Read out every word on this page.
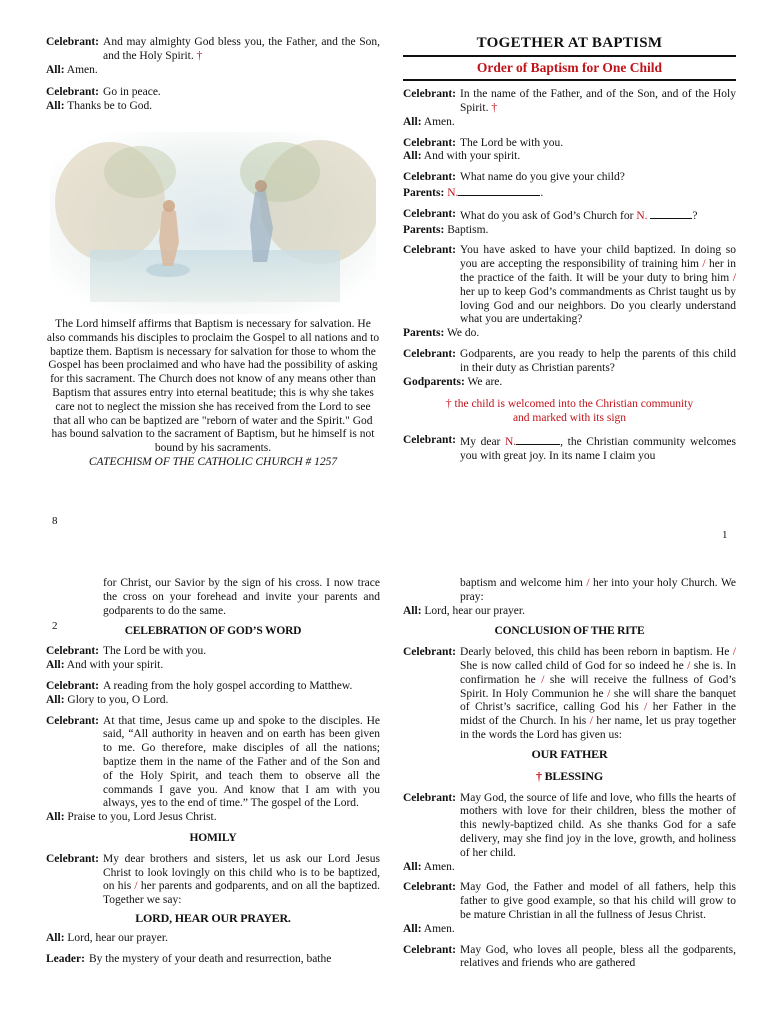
Celebrant: And may almighty God bless you, the Father, and the Son, and the Holy Spirit. †
All: Amen.
Celebrant: Go in peace.
All: Thanks be to God.
The Lord himself affirms that Baptism is necessary for salvation. He also commands his disciples to proclaim the Gospel to all nations and to baptize them. Baptism is necessary for salvation for those to whom the Gospel has been proclaimed and who have had the possibility of asking for this sacrament. The Church does not know of any means other than Baptism that assures entry into eternal beatitude; this is why she takes care not to neglect the mission she has received from the Lord to see that all who can be baptized are "reborn of water and the Spirit." God has bound salvation to the sacrament of Baptism, but he himself is not bound by his sacraments.
CATECHISM OF THE CATHOLIC CHURCH # 1257
8
TOGETHER AT BAPTISM
Order of Baptism for One Child
Celebrant: In the name of the Father, and of the Son, and of the Holy Spirit. †
All: Amen.
Celebrant: The Lord be with you.
All: And with your spirit.
Celebrant: What name do you give your child?
Parents: N.	.
Celebrant: What do you ask of God’s Church for N.	?
Parents: Baptism.
Celebrant: You have asked to have your child baptized. In doing so you are accepting the responsibility of training him / her in the practice of the faith. It will be your duty to bring him / her up to keep God’s commandments as Christ taught us by loving God and our neighbors. Do you clearly understand what you are undertaking?
Parents: We do.
Celebrant: Godparents, are you ready to help the parents of this child in their duty as Christian parents?
Godparents: We are.
† the child is welcomed into the Christian community
and marked with its sign
Celebrant: My dear N.	, the Christian community welcomes you with great joy. In its name I claim you
1
for Christ, our Savior by the sign of his cross. I now trace the cross on your forehead and invite your parents and godparents to do the same.
2	CELEBRATION OF GOD’S WORD
Celebrant: The Lord be with you.
All: And with your spirit.
Celebrant: A reading from the holy gospel according to Matthew.
All: Glory to you, O Lord.
Celebrant: At that time, Jesus came up and spoke to the disciples. He said, “All authority in heaven and on earth has been given to me. Go therefore, make disciples of all the nations; baptize them in the name of the Father and of the Son and of the Holy Spirit, and teach them to observe all the commands I gave you. And know that I am with you always, yes to the end of time.” The gospel of the Lord.
All: Praise to you, Lord Jesus Christ.
HOMILY
Celebrant: My dear brothers and sisters, let us ask our Lord Jesus Christ to look lovingly on this child who is to be baptized, on his / her parents and godparents, and on all the baptized. Together we say:
LORD, HEAR OUR PRAYER.
All: Lord, hear our prayer.
Leader: By the mystery of your death and resurrection, bathe
baptism and welcome him / her into your holy Church. We pray:
All: Lord, hear our prayer.
CONCLUSION OF THE RITE
Celebrant: Dearly beloved, this child has been reborn in baptism. He / She is now called child of God for so indeed he / she is. In confirmation he / she will receive the fullness of God’s Spirit. In Holy Communion he / she will share the banquet of Christ’s sacrifice, calling God his / her Father in the midst of the Church. In his / her name, let us pray together in the words the Lord has given us:
OUR FATHER
† BLESSING
Celebrant: May God, the source of life and love, who fills the hearts of mothers with love for their children, bless the mother of this newly-baptized child. As she thanks God for a safe delivery, may she find joy in the love, growth, and holiness of her child.
All: Amen.
Celebrant: May God, the Father and model of all fathers, help this father to give good example, so that his child will grow to be mature Christian in all the fullness of Jesus Christ.
All: Amen.
Celebrant: May God, who loves all people, bless all the godparents, relatives and friends who are gathered
